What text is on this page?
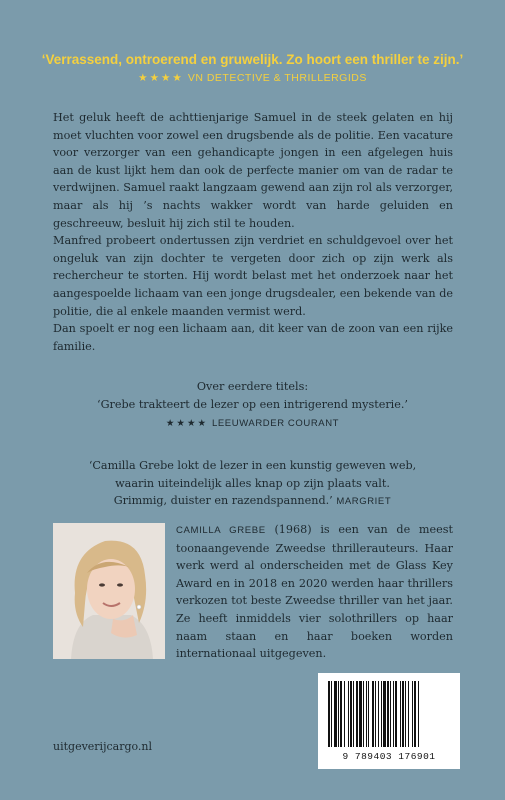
‘Verrassend, ontroerend en gruwelijk. Zo hoort een thriller te zijn.’
★★★★ VN DETECTIVE & THRILLERGIDS

Het geluk heeft de achttienjarige Samuel in de steek gelaten en hij moet vluchten voor zowel een drugsbende als de politie. Een vacature voor verzorger van een gehandicapte jongen in een afgelegen huis aan de kust lijkt hem dan ook de perfecte manier om van de radar te verdwijnen. Samuel raakt langzaam gewend aan zijn rol als verzorger, maar als hij ’s nachts wakker wordt van harde geluiden en geschreeuw, besluit hij zich stil te houden.

Manfred probeert ondertussen zijn verdriet en schuldgevoel over het ongeluk van zijn dochter te vergeten door zich op zijn werk als rechercheur te storten. Hij wordt belast met het onderzoek naar het aangespoelde lichaam van een jonge drugsdealer, een bekende van de politie, die al enkele maanden vermist werd.

Dan spoelt er nog een lichaam aan, dit keer van de zoon van een rijke familie.

Over eerdere titels:
‘Grebe trakteert de lezer op een intrigerend mysterie.’
★★★★ LEEUWARDER COURANT
‘Camilla Grebe lokt de lezer in een kunstig geweven web,
waarin uiteindelijk alles knap op zijn plaats valt.
Grimmig, duister en razendspannend.’ MARGRIET
CAMILLA GREBE (1968) is een van de meest toonaangevende Zweedse thrillerauteurs. Haar werk werd al onderscheiden met de Glass Key Award en in 2018 en 2020 werden haar thrillers verkozen tot beste Zweedse thriller van het jaar. Ze heeft inmiddels vier solothrillers op haar naam staan en haar boeken worden internationaal uitgegeven.
9 789403 176901
uitgeverijcargo.nl
